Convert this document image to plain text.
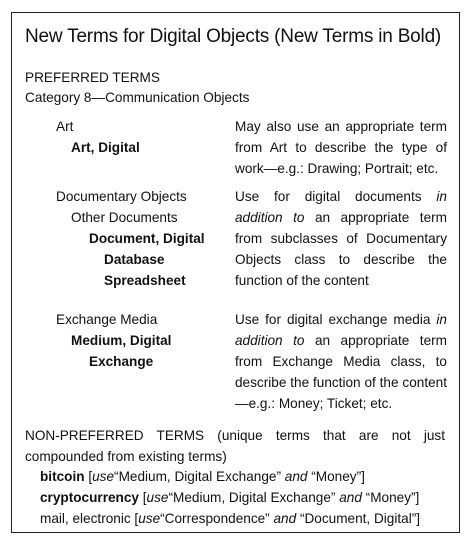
New Terms for Digital Objects (New Terms in Bold)
PREFERRED TERMS
Category 8—Communication Objects
Art
Art, Digital
May also use an appropriate term from Art to describe the type of work—e.g.: Drawing; Portrait; etc.
Documentary Objects
Other Documents
Document, Digital
Database
Spreadsheet
Use for digital documents in addition to an appropriate term from subclasses of Documentary Objects class to describe the function of the content
Exchange Media
Medium, Digital
Exchange
Use for digital exchange media in addition to an appropriate term from Exchange Media class, to describe the function of the content—e.g.: Money; Ticket; etc.
NON-PREFERRED TERMS (unique terms that are not just compounded from existing terms)
bitcoin [use“Medium, Digital Exchange” and “Money”]
cryptocurrency [use“Medium, Digital Exchange” and “Money”]
mail, electronic [use“Correspondence” and “Document, Digital”]
